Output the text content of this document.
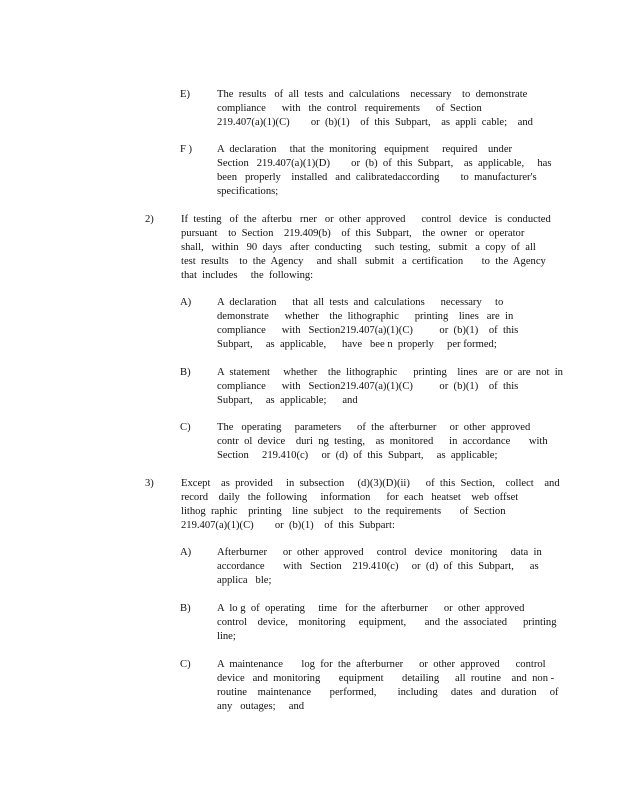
E)	The  results   of  all  tests  and  calculations    necessary    to  demonstrate
compliance      with   the  control   requirements      of  Section
219.407(a)(1)(C)        or  (b)(1)    of  this  Subpart,    as  appli  cable;    and
F ) A  declaration     that  the  monitoring   equipment     required    under
Section   219.407(a)(1)(D)        or  (b)  of  this  Subpart,    as  applicable,     has
been   properly    installed   and  calibratedaccording        to  manufacturer's
specifications;
2)	If  testing   of  the  afterbu   rner   or  other  approved      control   device   is  conducted
pursuant    to  Section    219.409(b)    of  this  Subpart,    the  owner   or  operator
shall,   within   90  days   after  conducting     such  testing,   submit   a  copy  of  all
test  results    to  the  Agency     and  shall   submit   a  certification       to  the  Agency
that  includes     the  following:
A) A  declaration      that  all  tests  and  calculations      necessary     to
demonstrate      whether    the  lithographic      printing    lines   are  in
compliance      with   Section219.407(a)(1)(C)          or  (b)(1)    of  this
Subpart,     as  applicable,      have   bee n  properly     per formed;
B) A  statement     whether    the  lithographic      printing    lines   are  or  are  not  in
compliance      with   Section219.407(a)(1)(C)          or  (b)(1)    of  this
Subpart,     as  applicable;      and
C) The   operating     parameters      of  the  afterburner     or  other  approved
contr  ol  device    duri  ng  testing,    as  monitored      in  accordance       with
Section     219.410(c)     or  (d)  of  this  Subpart,     as  applicable;
3)	Except    as  provided     in  subsection     (d)(3)(D)(ii)      of  this  Section,    collect    and
record    daily   the  following     information      for  each   heatset    web  offset
lithog  raphic    printing    line  subject    to  the  requirements       of  Section
219.407(a)(1)(C)        or  (b)(1)    of  this  Subpart:
A) Afterburner      or  other  approved     control   device   monitoring     data  in
accordance       with   Section    219.410(c)     or  (d)  of  this  Subpart,      as
applica   ble;
B) A  lo g  of  operating     time   for  the  afterburner      or  other  approved
control    device,    monitoring     equipment,       and  the  associated      printing
line;
C) A  maintenance       log  for  the  afterburner      or  other  approved      control
device   and  monitoring       equipment       detailing      all  routine    and  non -
routine    maintenance       performed,        including     dates   and  duration     of
any   outages;     and
